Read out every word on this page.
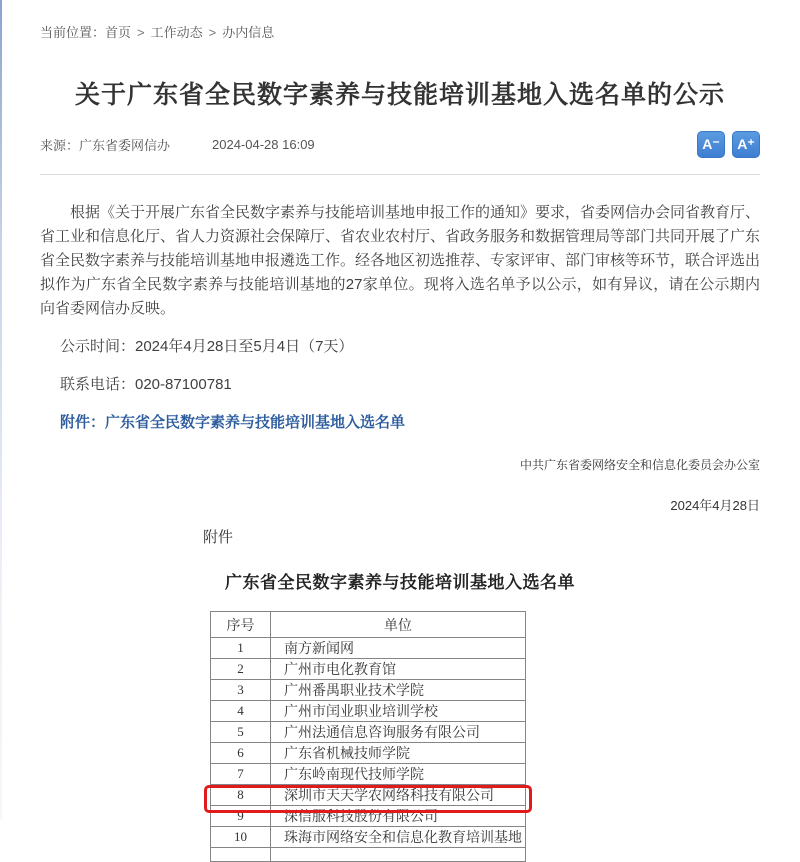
当前位置：首页 > 工作动态 > 办内信息
关于广东省全民数字素养与技能培训基地入选名单的公示
来源：广东省委网信办	2024-04-28 16:09	A⁻	A⁺

根据《关于开展广东省全民数字素养与技能培训基地申报工作的通知》要求，省委网信办会同省教育厅、省工业和信息化厅、省人力资源社会保障厅、省农业农村厅、省政务服务和数据管理局等部门共同开展了广东省全民数字素养与技能培训基地申报遴选工作。经各地区初选推荐、专家评审、部门审核等环节，联合评选出拟作为广东省全民数字素养与技能培训基地的27家单位。现将入选名单予以公示，如有异议，请在公示期内向省委网信办反映。

公示时间：2024年4月28日至5月4日（7天）

联系电话：020-87100781

附件：广东省全民数字素养与技能培训基地入选名单

中共广东省委网络安全和信息化委员会办公室

2024年4月28日

附件
广东省全民数字素养与技能培训基地入选名单
序号	单位
1	南方新闻网
2	广州市电化教育馆
3	广州番禺职业技术学院
4	广州市闰业职业培训学校
5	广州法通信息咨询服务有限公司
6	广东省机械技师学院
7	广东岭南现代技师学院
8	深圳市天天学农网络科技有限公司
9	深信服科技股份有限公司
10	珠海市网络安全和信息化教育培训基地
